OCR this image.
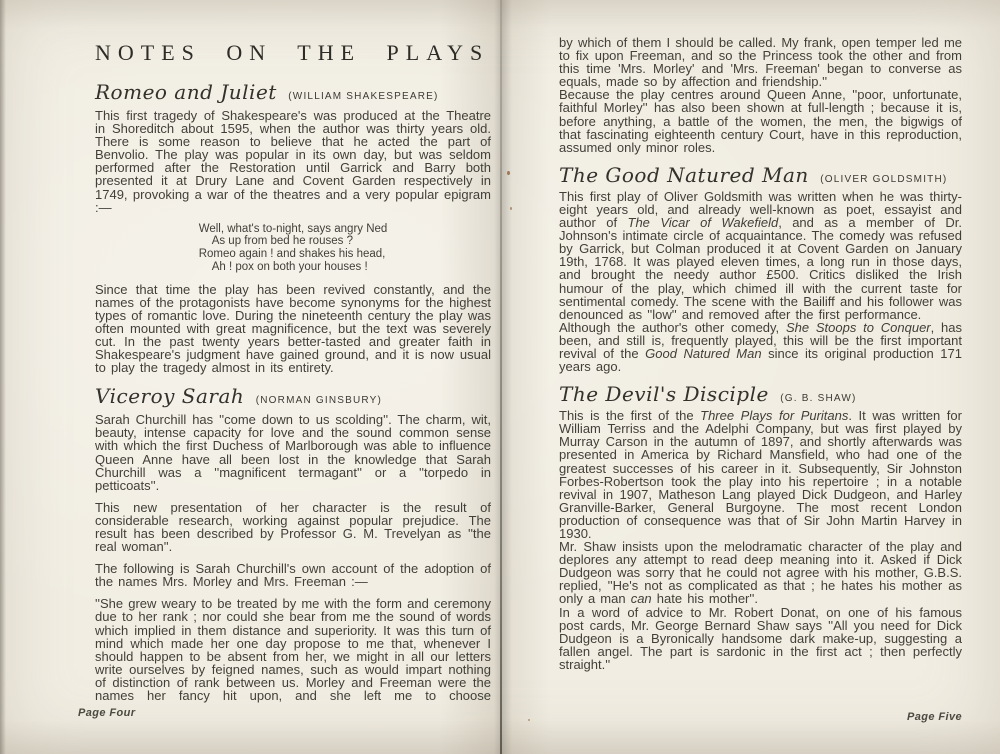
NOTES ON THE PLAYS
Romeo and Juliet (WILLIAM SHAKESPEARE)

This first tragedy of Shakespeare's was produced at the Theatre in Shoreditch about 1595, when the author was thirty years old. There is some reason to believe that he acted the part of Benvolio. The play was popular in its own day, but was seldom performed after the Restoration until Garrick and Barry both presented it at Drury Lane and Covent Garden respectively in 1749, provoking a war of the theatres and a very popular epigram :—

Well, what's to-night, says angry Ned
As up from bed he rouses ?
Romeo again ! and shakes his head,
Ah ! pox on both your houses !

Since that time the play has been revived constantly, and the names of the protagonists have become synonyms for the highest types of romantic love. During the nineteenth century the play was often mounted with great magnificence, but the text was severely cut. In the past twenty years better-tasted and greater faith in Shakespeare's judgment have gained ground, and it is now usual to play the tragedy almost in its entirety.

Viceroy Sarah (NORMAN GINSBURY)

Sarah Churchill has ''come down to us scolding''. The charm, wit, beauty, intense capacity for love and the sound common sense with which the first Duchess of Marlborough was able to influence Queen Anne have all been lost in the knowledge that Sarah Churchill was a ''magnificent termagant'' or a ''torpedo in petticoats''.

This new presentation of her character is the result of considerable research, working against popular prejudice. The result has been described by Professor G. M. Trevelyan as ''the real woman''.

The following is Sarah Churchill's own account of the adoption of the names Mrs. Morley and Mrs. Freeman :—

''She grew weary to be treated by me with the form and ceremony due to her rank ; nor could she bear from me the sound of words which implied in them distance and superiority. It was this turn of mind which made her one day propose to me that, whenever I should happen to be absent from her, we might in all our letters write ourselves by feigned names, such as would impart nothing of distinction of rank between us. Morley and Freeman were the names her fancy hit upon, and she left me to choose

by which of them I should be called. My frank, open temper led me to fix upon Freeman, and so the Princess took the other and from this time 'Mrs. Morley' and 'Mrs. Freeman' began to converse as equals, made so by affection and friendship.''

Because the play centres around Queen Anne, ''poor, unfortunate, faithful Morley'' has also been shown at full-length ; because it is, before anything, a battle of the women, the men, the bigwigs of that fascinating eighteenth century Court, have in this reproduction, assumed only minor roles.

The Good Natured Man (OLIVER GOLDSMITH)

This first play of Oliver Goldsmith was written when he was thirty-eight years old, and already well-known as poet, essayist and author of The Vicar of Wakefield, and as a member of Dr. Johnson's intimate circle of acquaintance. The comedy was refused by Garrick, but Colman produced it at Covent Garden on January 19th, 1768. It was played eleven times, a long run in those days, and brought the needy author £500. Critics disliked the Irish humour of the play, which chimed ill with the current taste for sentimental comedy. The scene with the Bailiff and his follower was denounced as ''low'' and removed after the first performance.

Although the author's other comedy, She Stoops to Conquer, has been, and still is, frequently played, this will be the first important revival of the Good Natured Man since its original production 171 years ago.

The Devil's Disciple (G. B. SHAW)

This is the first of the Three Plays for Puritans. It was written for William Terriss and the Adelphi Company, but was first played by Murray Carson in the autumn of 1897, and shortly afterwards was presented in America by Richard Mansfield, who had one of the greatest successes of his career in it. Subsequently, Sir Johnston Forbes-Robertson took the play into his repertoire ; in a notable revival in 1907, Matheson Lang played Dick Dudgeon, and Harley Granville-Barker, General Burgoyne. The most recent London production of consequence was that of Sir John Martin Harvey in 1930.

Mr. Shaw insists upon the melodramatic character of the play and deplores any attempt to read deep meaning into it. Asked if Dick Dudgeon was sorry that he could not agree with his mother, G.B.S. replied, ''He's not as complicated as that ; he hates his mother as only a man can hate his mother''.

In a word of advice to Mr. Robert Donat, on one of his famous post cards, Mr. George Bernard Shaw says ''All you need for Dick Dudgeon is a Byronically handsome dark make-up, suggesting a fallen angel. The part is sardonic in the first act ; then perfectly straight.''

Page Four	Page Five
